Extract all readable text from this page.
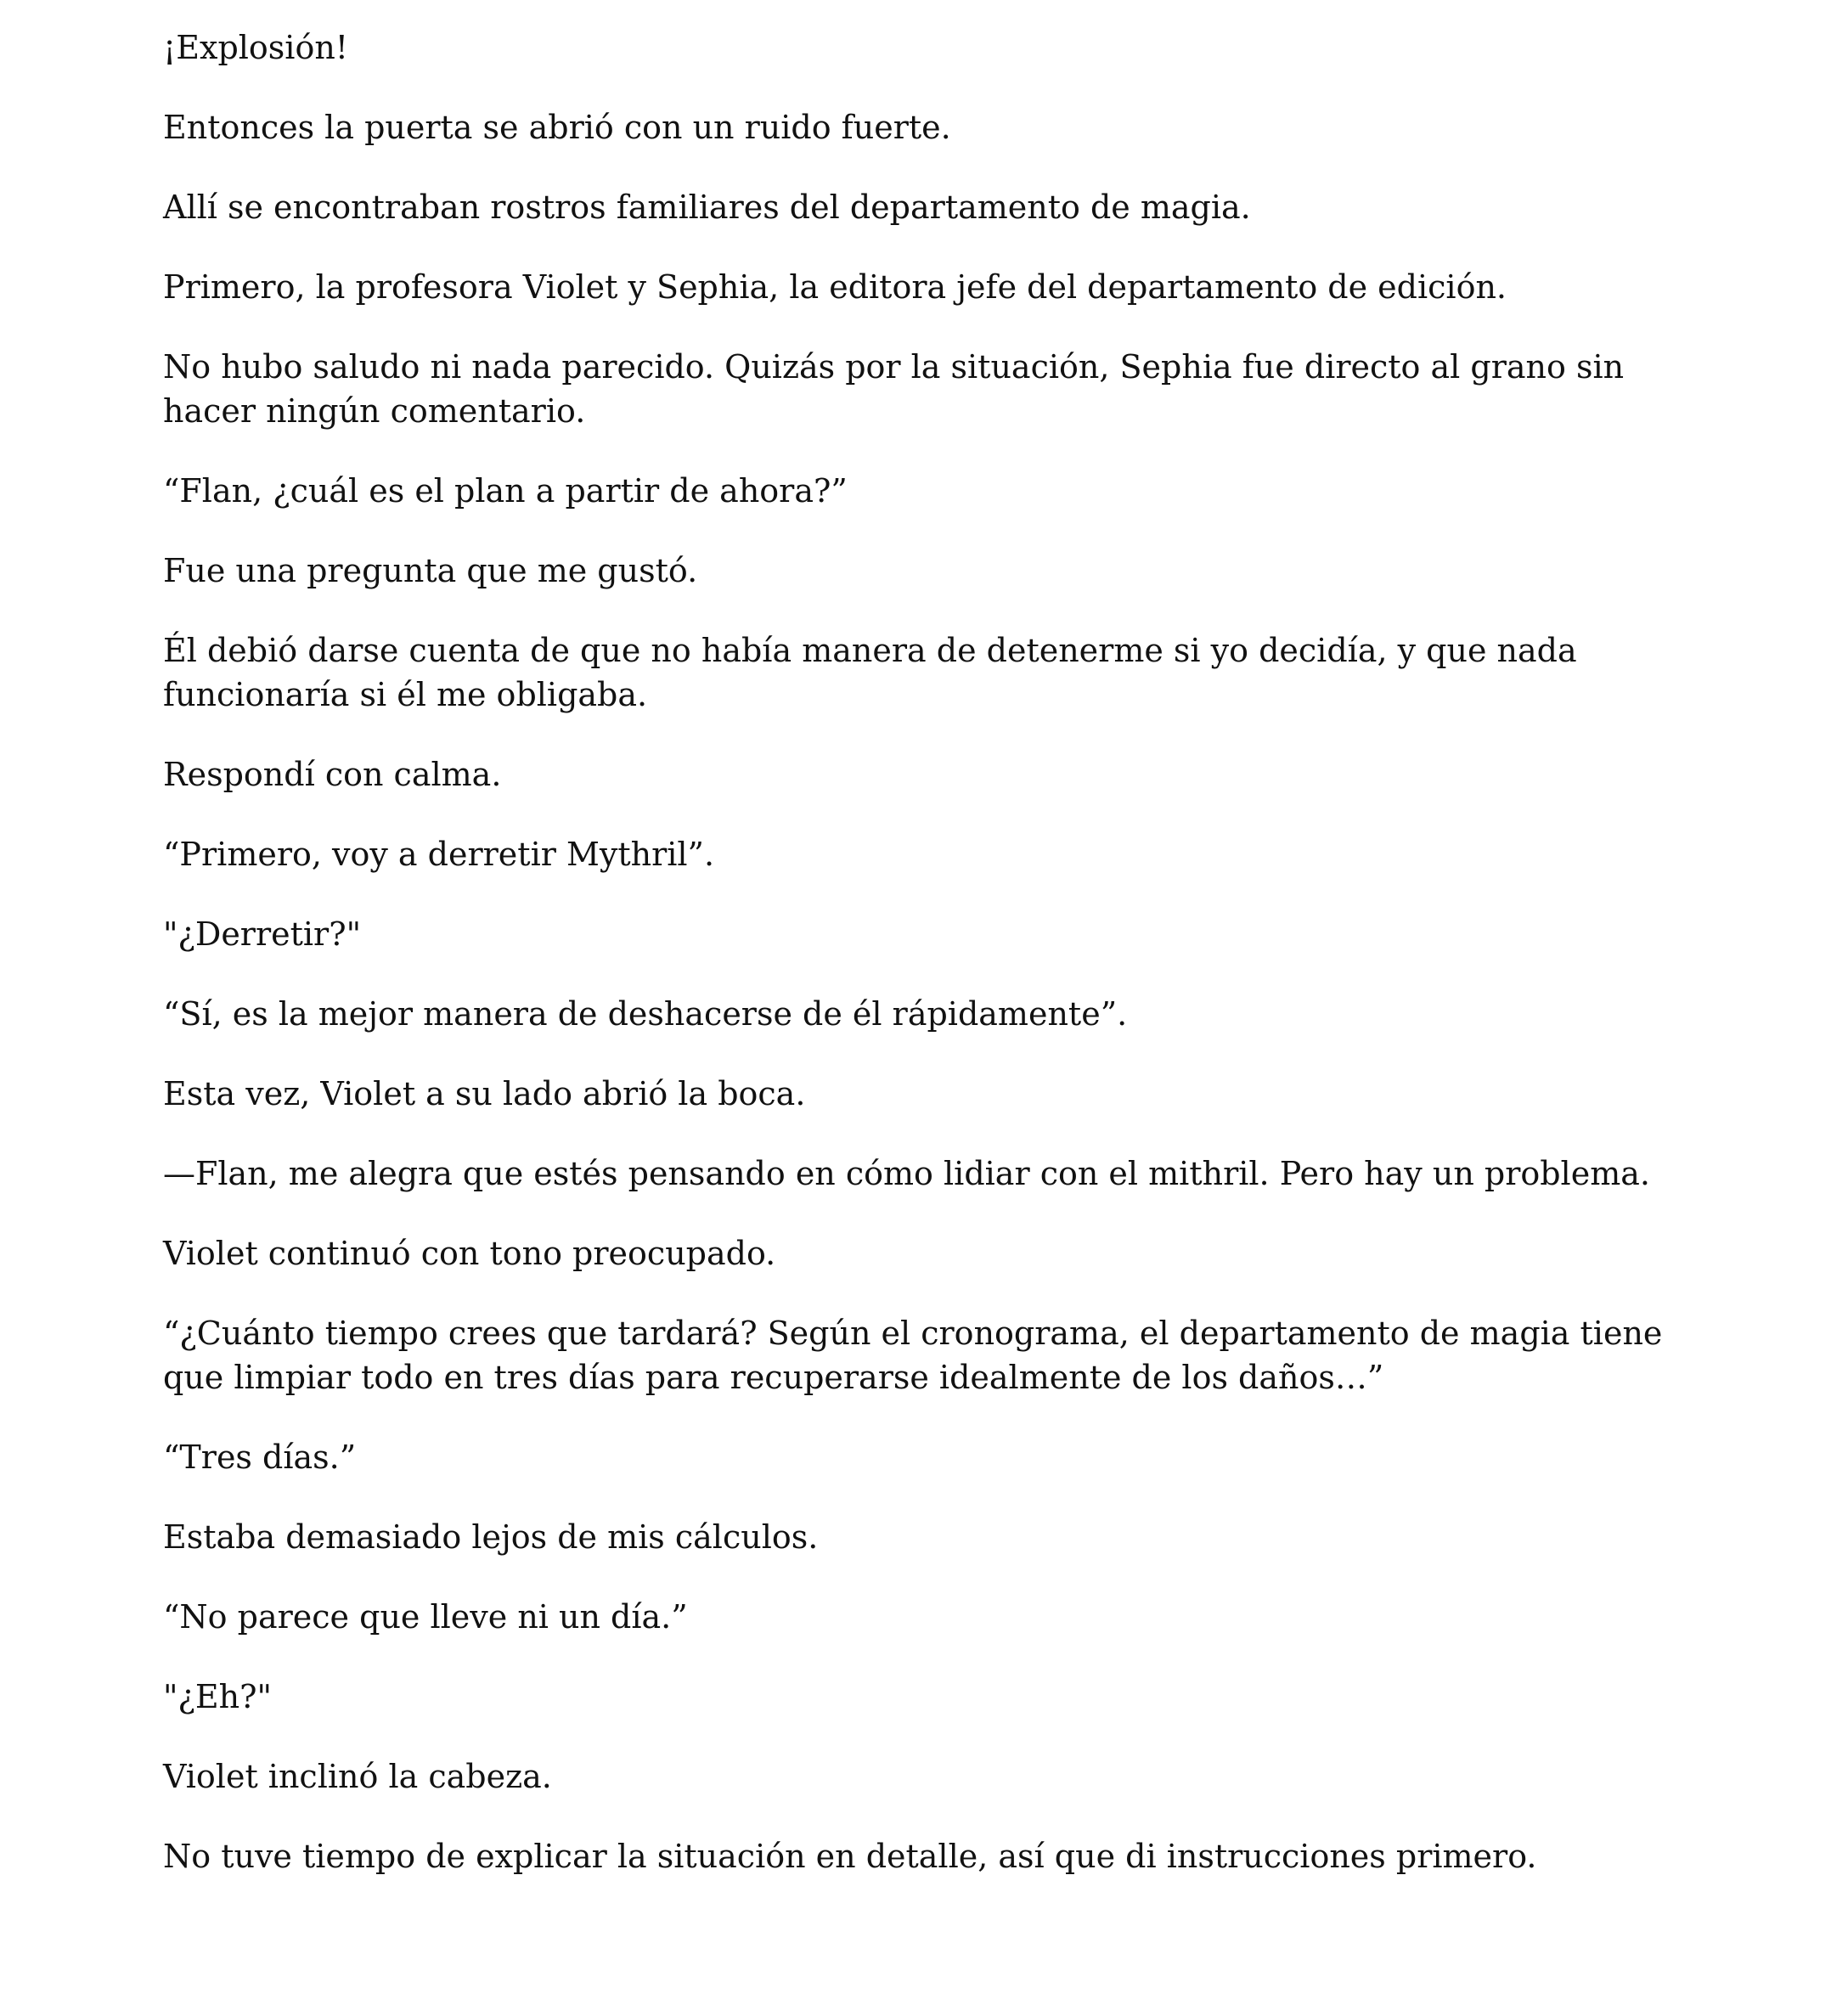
¡Explosión!

Entonces la puerta se abrió con un ruido fuerte.

Allí se encontraban rostros familiares del departamento de magia.

Primero, la profesora Violet y Sephia, la editora jefe del departamento de edición.

No hubo saludo ni nada parecido. Quizás por la situación, Sephia fue directo al grano sin hacer ningún comentario.

“Flan, ¿cuál es el plan a partir de ahora?”

Fue una pregunta que me gustó.

Él debió darse cuenta de que no había manera de detenerme si yo decidía, y que nada funcionaría si él me obligaba.

Respondí con calma.

“Primero, voy a derretir Mythril”.

"¿Derretir?"

“Sí, es la mejor manera de deshacerse de él rápidamente”.

Esta vez, Violet a su lado abrió la boca.

—Flan, me alegra que estés pensando en cómo lidiar con el mithril. Pero hay un problema.

Violet continuó con tono preocupado.

“¿Cuánto tiempo crees que tardará? Según el cronograma, el departamento de magia tiene que limpiar todo en tres días para recuperarse idealmente de los daños…”

“Tres días.”

Estaba demasiado lejos de mis cálculos.

“No parece que lleve ni un día.”

"¿Eh?"

Violet inclinó la cabeza.

No tuve tiempo de explicar la situación en detalle, así que di instrucciones primero.
